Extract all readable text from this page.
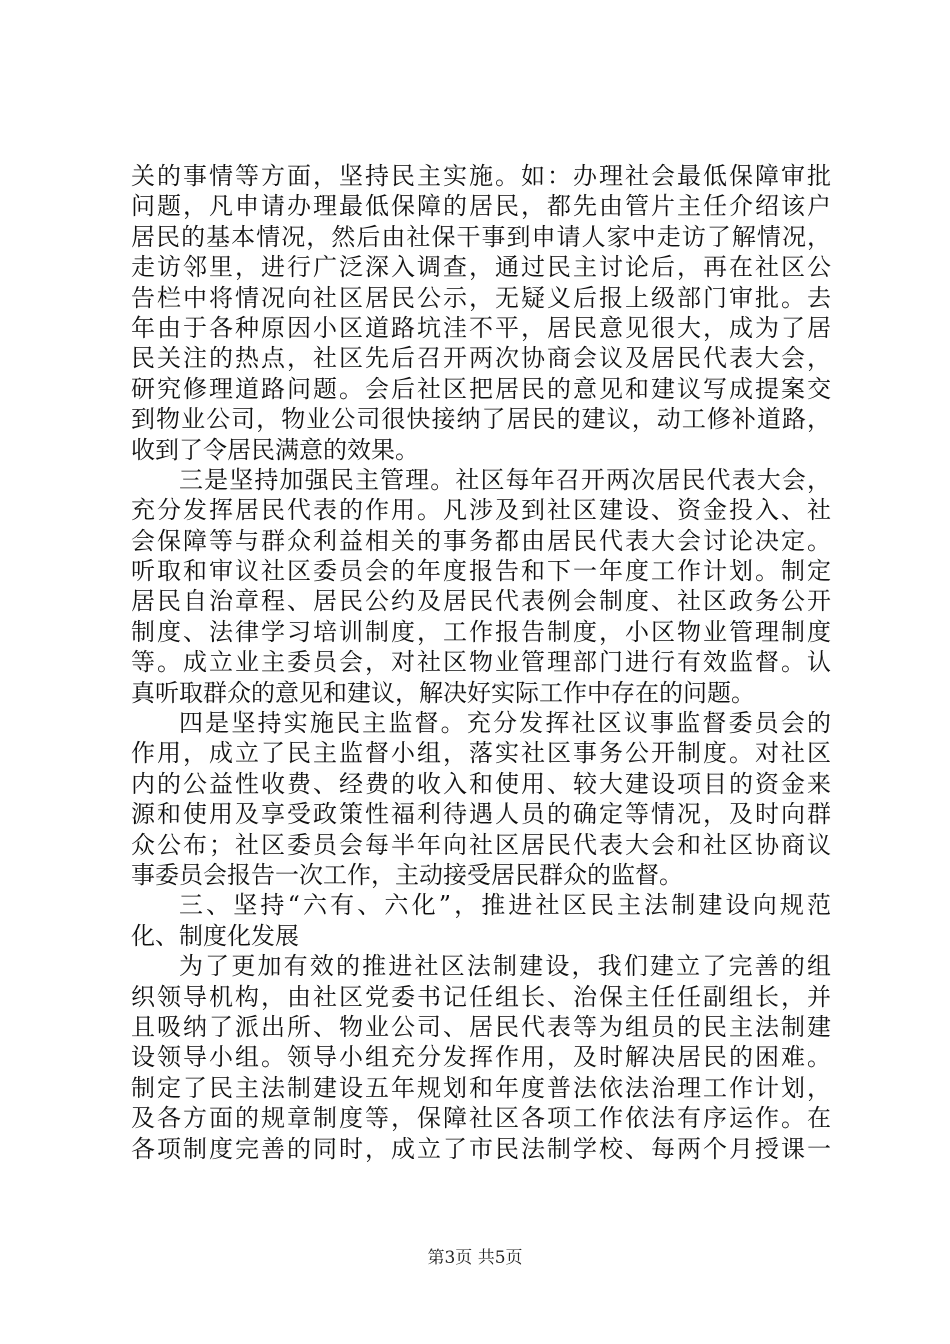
关的事情等方面，坚持民主实施。如：办理社会最低保障审批
问题，凡申请办理最低保障的居民，都先由管片主任介绍该户
居民的基本情况，然后由社保干事到申请人家中走访了解情况，
走访邻里，进行广泛深入调查，通过民主讨论后，再在社区公
告栏中将情况向社区居民公示，无疑义后报上级部门审批。去
年由于各种原因小区道路坑洼不平，居民意见很大，成为了居
民关注的热点，社区先后召开两次协商会议及居民代表大会，
研究修理道路问题。会后社区把居民的意见和建议写成提案交
到物业公司，物业公司很快接纳了居民的建议，动工修补道路，
收到了令居民满意的效果。
三是坚持加强民主管理。社区每年召开两次居民代表大会，
充分发挥居民代表的作用。凡涉及到社区建设、资金投入、社
会保障等与群众利益相关的事务都由居民代表大会讨论决定。
听取和审议社区委员会的年度报告和下一年度工作计划。制定
居民自治章程、居民公约及居民代表例会制度、社区政务公开
制度、法律学习培训制度，工作报告制度，小区物业管理制度
等。成立业主委员会，对社区物业管理部门进行有效监督。认
真听取群众的意见和建议，解决好实际工作中存在的问题。
四是坚持实施民主监督。充分发挥社区议事监督委员会的
作用，成立了民主监督小组，落实社区事务公开制度。对社区
内的公益性收费、经费的收入和使用、较大建设项目的资金来
源和使用及享受政策性福利待遇人员的确定等情况，及时向群
众公布；社区委员会每半年向社区居民代表大会和社区协商议
事委员会报告一次工作，主动接受居民群众的监督。
三、坚持“六有、六化”，推进社区民主法制建设向规范
化、制度化发展
为了更加有效的推进社区法制建设，我们建立了完善的组
织领导机构，由社区党委书记任组长、治保主任任副组长，并
且吸纳了派出所、物业公司、居民代表等为组员的民主法制建
设领导小组。领导小组充分发挥作用，及时解决居民的困难。
制定了民主法制建设五年规划和年度普法依法治理工作计划，
及各方面的规章制度等，保障社区各项工作依法有序运作。在
各项制度完善的同时，成立了市民法制学校、每两个月授课一
第3页 共5页
